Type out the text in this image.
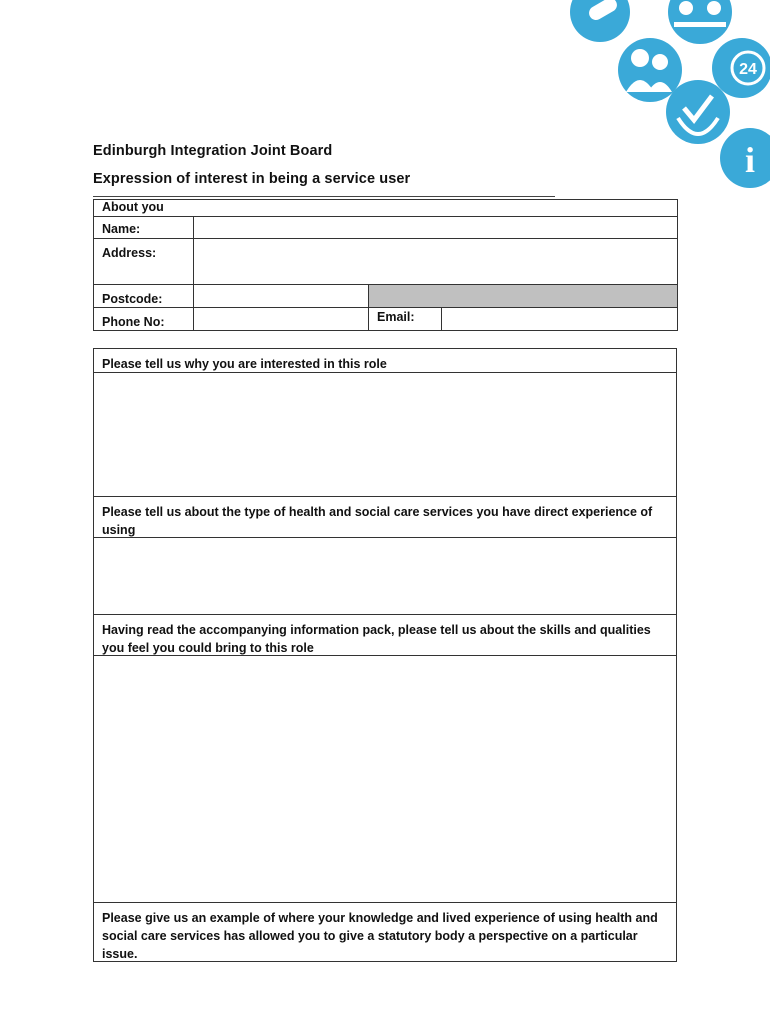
24
i
Edinburgh Integration Joint Board
Expression of interest in being a service user
About you			
Name:			
Address:			
Postcode:			
Phone No:		Email:	
Please tell us why you are interested in this role
Please tell us about the type of health and social care services you have direct experience of using
Having read the accompanying information pack, please tell us about the skills and qualities you feel you could bring to this role
Please give us an example of where your knowledge and lived experience of using health and social care services has allowed you to give a statutory body a perspective on a particular issue.
